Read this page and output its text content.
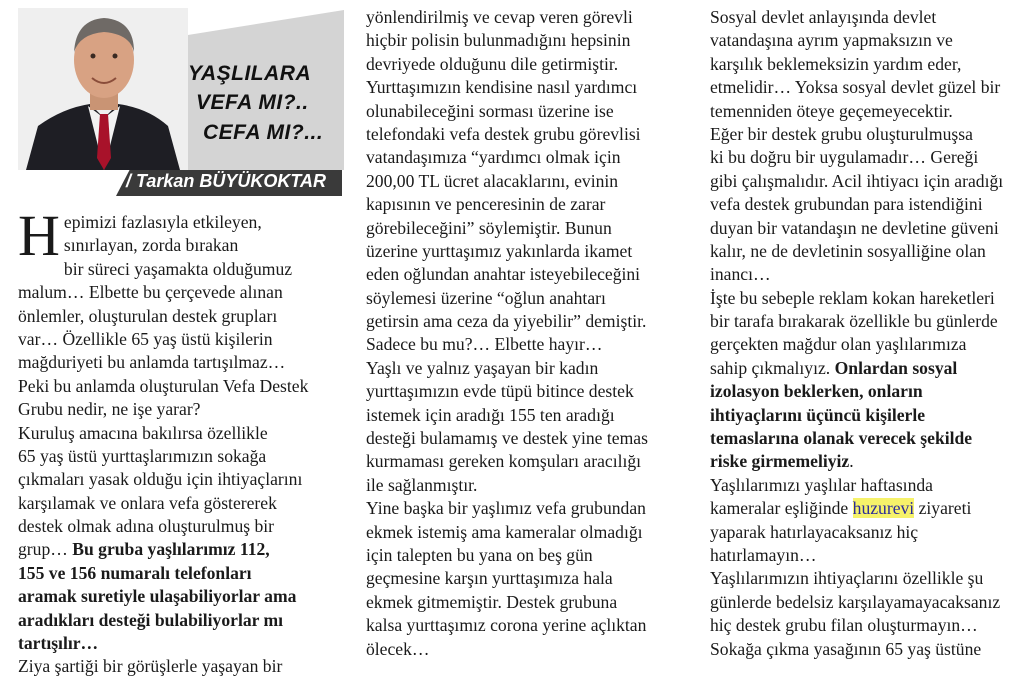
YAŞLILARA
VEFA MI?..
CEFA MI?...
/ Tarkan BÜYÜKOKTAR
H epimizi fazlasıyla etkileyen,
sınırlayan, zorda bırakan
bir süreci yaşamakta olduğumuz
malum… Elbette bu çerçevede alınan
önlemler, oluşturulan destek grupları
var… Özellikle 65 yaş üstü kişilerin
mağduriyeti bu anlamda tartışılmaz…
Peki bu anlamda oluşturulan Vefa Destek
Grubu nedir, ne işe yarar?
Kuruluş amacına bakılırsa özellikle
65 yaş üstü yurttaşlarımızın sokağa
çıkmaları yasak olduğu için ihtiyaçlarını
karşılamak ve onlara vefa göstererek
destek olmak adına oluşturulmuş bir
grup… Bu gruba yaşlılarımız 112,
155 ve 156 numaralı telefonları
aramak suretiyle ulaşabiliyorlar ama
aradıkları desteği bulabiliyorlar mı
tartışılır…
Ziya şartiği bir görüşlerle yaşayan bir
yönlendirilmiş ve cevap veren görevli
hiçbir polisin bulunmadığını hepsinin
devriyede olduğunu dile getirmiştir.
Yurttaşımızın kendisine nasıl yardımcı
olunabileceğini sorması üzerine ise
telefondaki vefa destek grubu görevlisi
vatandaşımıza “yardımcı olmak için
200,00 TL ücret alacaklarını, evinin
kapısının ve penceresinin de zarar
görebileceğini” söylemiştir. Bunun
üzerine yurttaşımız yakınlarda ikamet
eden oğlundan anahtar isteyebileceğini
söylemesi üzerine “oğlun anahtarı
getirsin ama ceza da yiyebilir” demiştir.
Sadece bu mu?… Elbette hayır…
Yaşlı ve yalnız yaşayan bir kadın
yurttaşımızın evde tüpü bitince destek
istemek için aradığı 155 ten aradığı
desteği bulamamış ve destek yine temas
kurmaması gereken komşuları aracılığı
ile sağlanmıştır.
Yine başka bir yaşlımız vefa grubundan
ekmek istemiş ama kameralar olmadığı
için talepten bu yana on beş gün
geçmesine karşın yurttaşımıza hala
ekmek gitmemiştir. Destek grubuna
kalsa yurttaşımız corona yerine açlıktan
ölecek…
Sosyal devlet anlayışında devlet
vatandaşına ayrım yapmaksızın ve
karşılık beklemeksizin yardım eder,
etmelidir… Yoksa sosyal devlet güzel bir
temenniden öteye geçemeyecektir.
Eğer bir destek grubu oluşturulmuşsa
ki bu doğru bir uygulamadır… Gereği
gibi çalışmalıdır. Acil ihtiyacı için aradığı
vefa destek grubundan para istendiğini
duyan bir vatandaşın ne devletine güveni
kalır, ne de devletinin sosyalliğine olan
inancı…
İşte bu sebeple reklam kokan hareketleri
bir tarafa bırakarak özellikle bu günlerde
gerçekten mağdur olan yaşlılarımıza
sahip çıkmalıyız. Onlardan sosyal
izolasyon beklerken, onların
ihtiyaçlarını üçüncü kişilerle
temaslarına olanak verecek şekilde
riske girmemeliyiz.
Yaşlılarımızı yaşlılar haftasında
kameralar eşliğinde huzurevi ziyareti
yaparak hatırlayacaksanız hiç
hatırlamayın…
Yaşlılarımızın ihtiyaçlarını özellikle şu
günlerde bedelsiz karşılayamayacaksanız
hiç destek grubu filan oluşturmayın…
Sokağa çıkma yasağının 65 yaş üstüne
